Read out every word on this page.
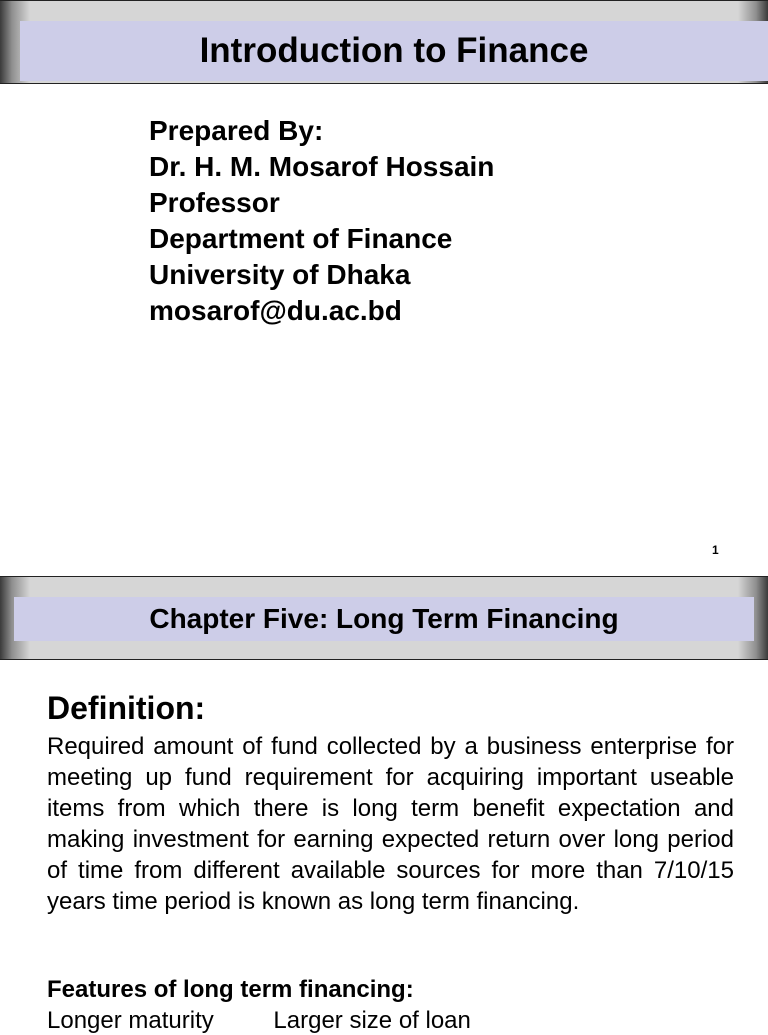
Introduction to Finance
Prepared By:
Dr. H. M. Mosarof Hossain
Professor
Department of Finance
University of Dhaka
mosarof@du.ac.bd
1
Chapter Five: Long Term Financing
Definition:
Required amount of fund collected by a business enterprise for meeting up fund requirement for acquiring important useable items from which there is long term benefit expectation and making investment for earning expected return over long period of time from different available sources for more than 7/10/15 years time period is known as long term financing.
Features of long term financing:
Longer maturity Larger size of loan
